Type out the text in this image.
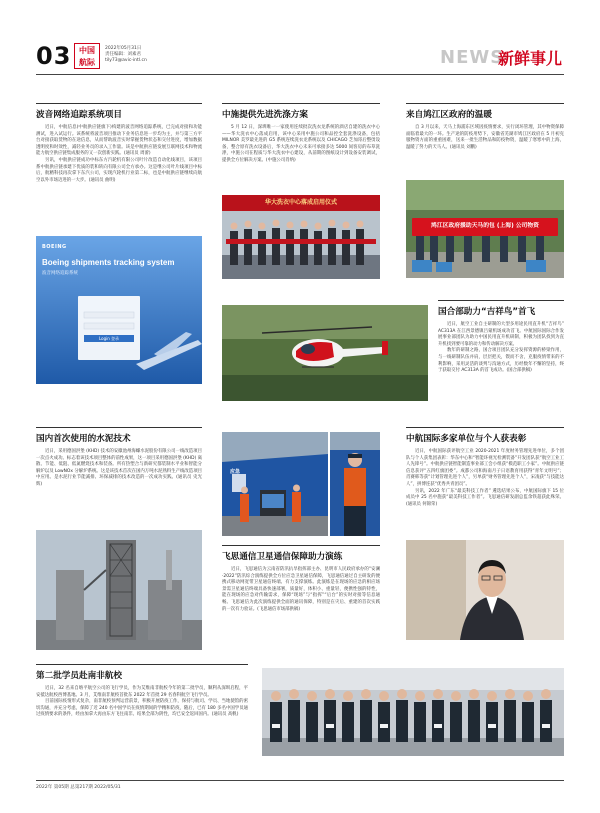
03 中国
航际
2022年05月31日
责任编辑：刘素君
tily73@avic-intl.cn	NEWS
新鲜事儿
波音网络追踪系统项目

近日，中航信息(中航供应链旗下)构建的波音网络追踪系统，已完成对接和功能测试，进入试运行。该系统将波音项目推动下业务信息进一步均为主，并与第三方平台对接获取货物的在途信息，从而帮助波音实时掌握货物状态和交付进度，增加数据透明度和时效性，减轻业务员的录入工作量。该是中航供应链发展互联网技术和物流能力航空供应链集成服务的又一次创新实践。(通讯员 周蕾)

另讯，中航供应链成功中标东方汽轮机有限公司叶片改造自动化线项目，该项目系中航供应链承建下优质的装和转向有限公司全方承办。这是继公司叶片线项目中标后，航精科技再次拿下东汽公司，实现汽轮机行业第二标，也是中航供应链继续向航空以外市场迈进的一大步。(通讯员 曲明)

BOEING
Boeing shipments tracking system
波音网络追踪系统
Login 登录
中施提供先进洗涤方案

5 月 12 日，深圳唯一一家使用连续批次洗衣龙系统的酒店自建的洗衣中心——华大洗衣中心落成启用，该中心采用中施公司和品控全套洗涤设备，包括 MILNOR 美罗最先进的 G5 系统连续洗衣龙系统以及 CHICAGO 芝加哥后整烫设备，整合原有洗衣设备后，华大洗衣中心未来可承接多达 5000 间客房的布草洗涤，中施公司在程质与华大洗衣中心建设，从前期的图纸设计到设备安装调试，提供全方位解决方案。(中施公司肖纳)

华大洗衣中心落成启用仪式
来自鸠江区政府的温暖

自 3 月以来，天马上海浦东区域因疫情要求，实行闭环管理，其中物资保障面临着最大的一环。生产途的防疫用势下，安徽省芜湖市鸠江区政府在 5 月初克服物资方面的重重困难，送来一批生活物品和防疫物资，温暖了寒寒中的上海，温暖了努力的天马人。(通讯员 刘鹏)

鸠江区政府援助天马的包 (上海) 公司物资
国合部助力“吉祥鸟”首飞

近日，航空工业自主研制的大型多用途民用直升机“吉祥鸟” AC313A 在江西景德镇吕蒙机场成功首飞。中航国际国际合作发展事业部团队为助力中国民用直升机研制，积极为团队找到为直升机找到要可靠的动力和传动解决方案。

数年的研制之路，国合项目团队充分发挥资源的桥梁作用，与一线研制队伍并肩，层层把关，锲而不舍，克服疫情带来的不利影响，采用灵活的谈判与沟通方式，历经数年不懈的坚持，终于获取交付 AC313A 的首飞成功。(国合部供稿)

国内首次使用的水泥技术

近日，采用德国洪堡 (KHD) 技术的安徽池州海螺水泥股份有限公司一线改造项目一次点火成功。标志着该技术项目整体的前性成果，这一项目采用德国洪堡 (KHD) 离散、节能、低阻、低氮燃烧技术和装备。所有热塑合与新研究都装制水平业和智能分解炉以及 LowNOx 分解炉系统。这是该技术首次在国内万吨水泥熟料生产线改造项目中应用。是水泥行业节能减排、环保减排的技术改造的一次成功实践。(通讯员 史光辉)

应急
中航国际多家单位与个人获表彰

近日，中航国际获评航空工业 2020-2021 年度财务管理先进单位，多个团队与个人获集团表彰：华东中心和“智能环视光检测装备”开发团队获“航空工业工人先锋号”。中航供应链智能制造事业部工会小组获“模范职工小家”。中航供应链信息获评“五四红旗团委”。成都公司和海南月子日语教育用获得“青年文明号”；肖赛韩等获“计划管理先进个人”，另单获“财务管理先进个人”，宋凌获“与技能达人”，拼博连获“优秀共青团员”。

另讯，2022 年广东“最美科技工作者” 遴选结果公布，中航国际旗下 15 位成员中 25 名中施获“最美科技工作者”。飞思通信研发副总监余铁超获此殊荣。(通讯员 何锦荣)

飞思通信卫星通信保障助力演练

近日，飞思通信为云南省防汛抗旱指挥部主办、昆明市人民政府承办的“安澜·2022”防汛综合演练提供全方位应急卫星通信保障，飞思通信通过自主研发的便携式移动网宽带卫星通信终端、有力支撑演练。此演练是在现场的应急的相应场景需卫星通信终端具备快速部署，质量好，体积小、重量轻，便携性强的特性，能在现场的应急对传输需求，保障“现场”与“指挥”“后台”的实时对接等信息通畅。飞思通信为此次演练提供全面的通讯保障，特别是在灾后、重建的首次实践的一次有力验证。(飞思通信市场部供稿)

第二批学员赴南非航校

近日，32 名来自喀平航空公司的飞行学员，作为艾维南非航校今年的第二批学员，顺利从深圳启程，平安抵达航校西博基地。3 月，艾维南非航校首批东 2022 年首批 29 名春科航空飞行学员。

目前国际疫情形式复杂，南非航校预判运营前景，积极开展防疫工作，保持与航司、学员、当地使馆的密切沟通，并充分考虑，保障了近 240 名中国学员在疫情期间的学精和防疫，随后，已有 180 多名中国学员通过疫情要求的条件，经由加拿大再由东方飞往南非。结果全部为阴性，均已安全返回国内。(通讯员 高帆)

2022年 第05期 总第217期 2022/05/31
